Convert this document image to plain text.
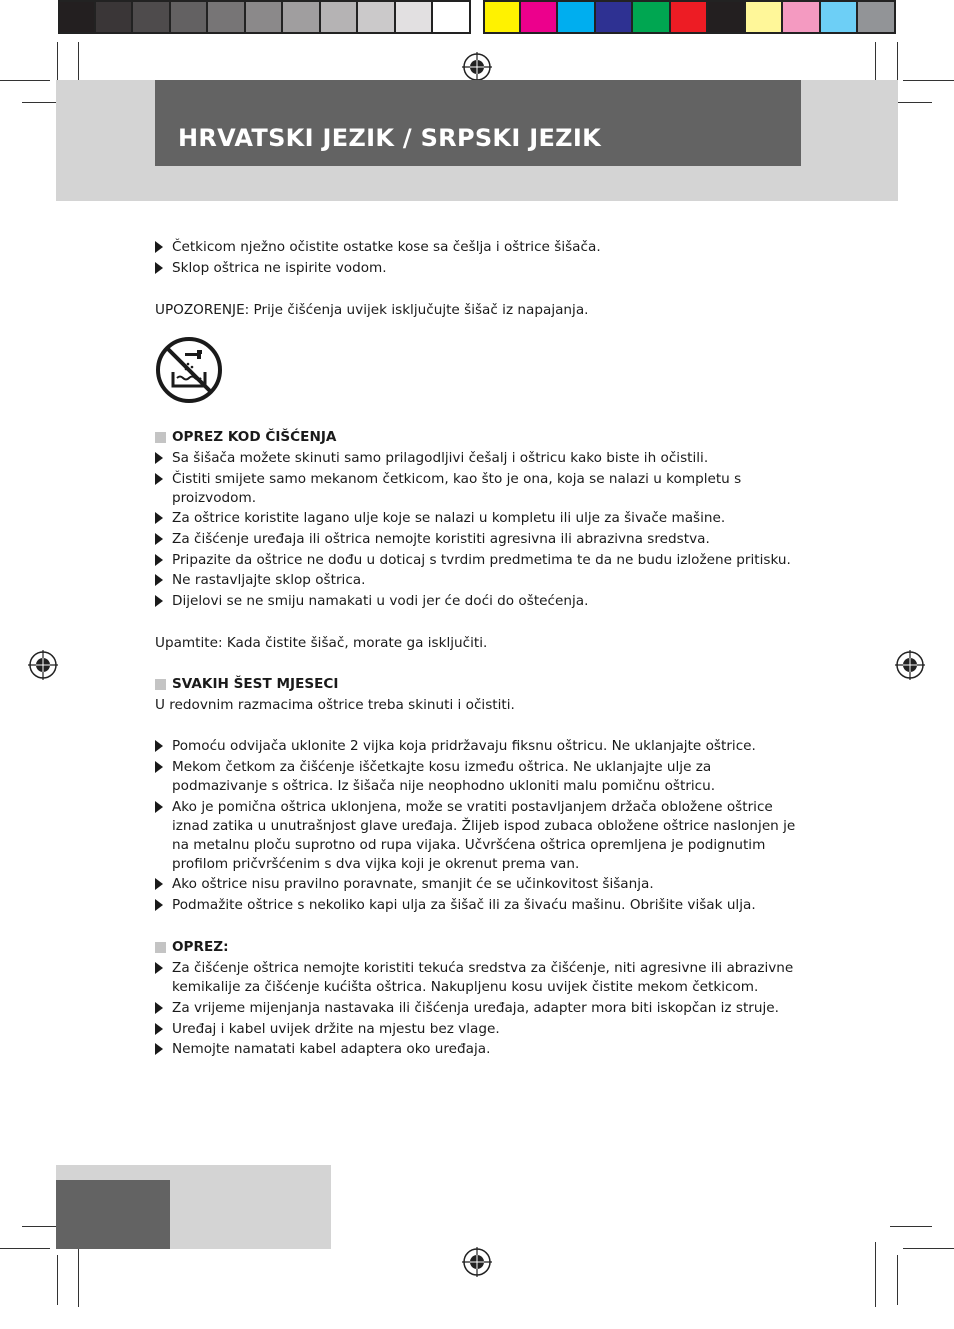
HRVATSKI JEZIK / SRPSKI JEZIK

Četkicom nježno očistite ostatke kose sa češlja i oštrice šišača.

Sklop oštrica ne ispirite vodom.

UPOZORENJE: Prije čišćenja uvijek isključujte šišač iz napajanja.

OPREZ KOD ČIŠĆENJA

Sa šišača možete skinuti samo prilagodljivi češalj i oštricu kako biste ih očistili.

Čistiti smijete samo mekanom četkicom, kao što je ona, koja se nalazi u kompletu s proizvodom.

Za oštrice koristite lagano ulje koje se nalazi u kompletu ili ulje za šivače mašine.

Za čišćenje uređaja ili oštrica nemojte koristiti agresivna ili abrazivna sredstva.

Pripazite da oštrice ne dođu u doticaj s tvrdim predmetima te da ne budu izložene pritisku.

Ne rastavljajte sklop oštrica.

Dijelovi se ne smiju namakati u vodi jer će doći do oštećenja.

Upamtite: Kada čistite šišač, morate ga isključiti.

SVAKIH ŠEST MJESECI

U redovnim razmacima oštrice treba skinuti i očistiti.

Pomoću odvijača uklonite 2 vijka koja pridržavaju fiksnu oštricu. Ne uklanjajte oštrice.

Mekom četkom za čišćenje iščetkajte kosu između oštrica. Ne uklanjajte ulje za podmazivanje s oštrica. Iz šišača nije neophodno ukloniti malu pomičnu oštricu.

Ako je pomična oštrica uklonjena, može se vratiti postavljanjem držača obložene oštrice iznad zatika u unutrašnjost glave uređaja. Žlijeb ispod zubaca obložene oštrice naslonjen je na metalnu ploču suprotno od rupa vijaka. Učvršćena oštrica opremljena je podignutim profilom pričvršćenim s dva vijka koji je okrenut prema van.

Ako oštrice nisu pravilno poravnate, smanjit će se učinkovitost šišanja.

Podmažite oštrice s nekoliko kapi ulja za šišač ili za šivaću mašinu. Obrišite višak ulja.

OPREZ:

Za čišćenje oštrica nemojte koristiti tekuća sredstva za čišćenje, niti agresivne ili abrazivne kemikalije za čišćenje kućišta oštrica. Nakupljenu kosu uvijek čistite mekom četkicom.

Za vrijeme mijenjanja nastavaka ili čišćenja uređaja, adapter mora biti iskopčan iz struje.

Uređaj i kabel uvijek držite na mjestu bez vlage.

Nemojte namatati kabel adaptera oko uređaja.
